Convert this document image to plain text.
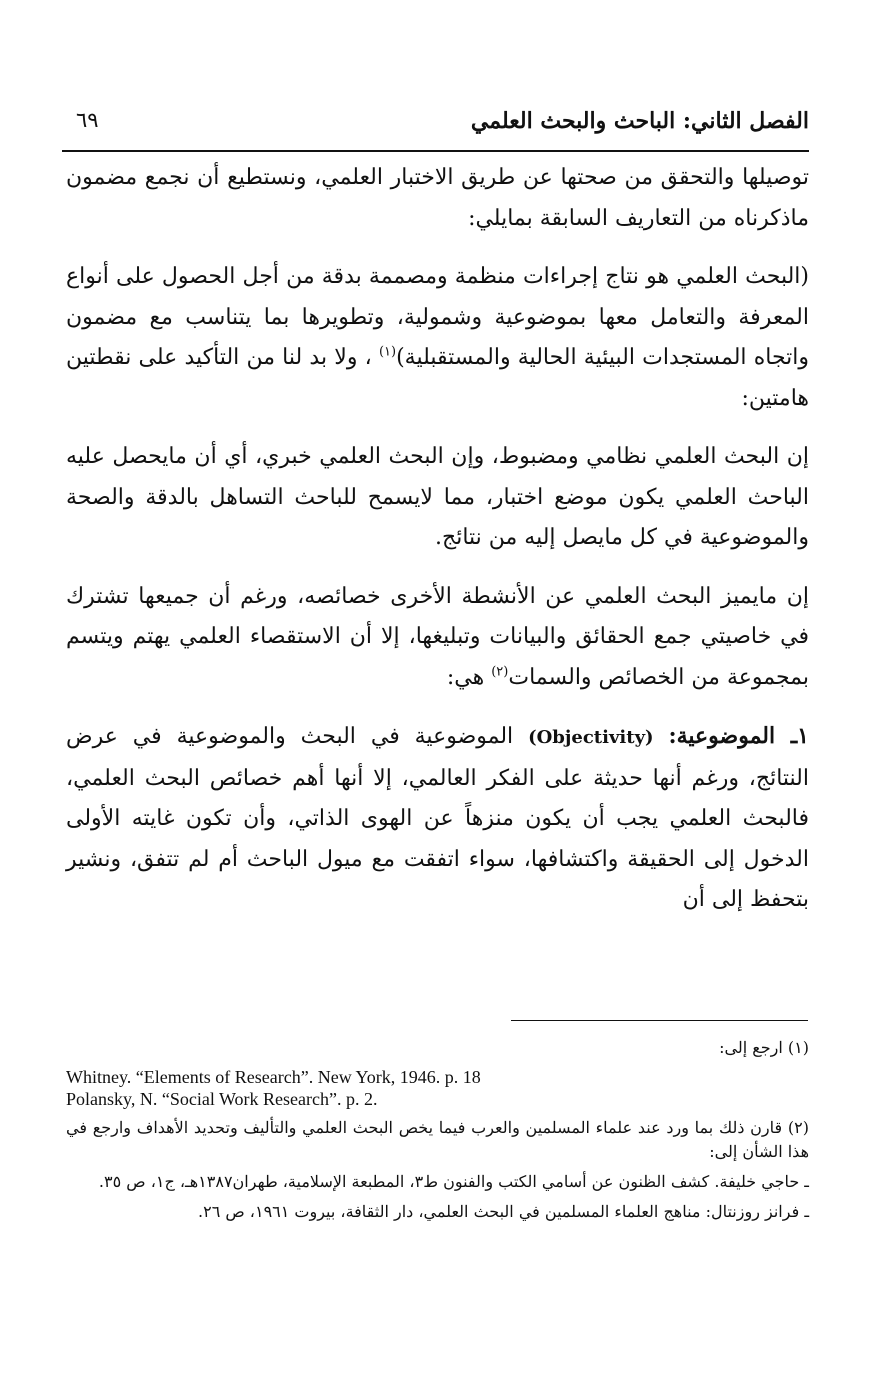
الفصل الثاني: الباحث والبحث العلمي
٦٩

توصيلها والتحقق من صحتها عن طريق الاختبار العلمي، ونستطيع أن نجمع مضمون ماذكرناه من التعاريف السابقة بمايلي:

(البحث العلمي هو نتاج إجراءات منظمة ومصممة بدقة من أجل الحصول على أنواع المعرفة والتعامل معها بموضوعية وشمولية، وتطويرها بما يتناسب مع مضمون واتجاه المستجدات البيئية الحالية والمستقبلية)$^{(١)}$ ، ولا بد لنا من التأكيد على نقطتين هامتين:

إن البحث العلمي نظامي ومضبوط، وإن البحث العلمي خبري، أي أن مايحصل عليه الباحث العلمي يكون موضع اختبار، مما لايسمح للباحث التساهل بالدقة والصحة والموضوعية في كل مايصل إليه من نتائج.

إن مايميز البحث العلمي عن الأنشطة الأخرى خصائصه، ورغم أن جميعها تشترك في خاصيتي جمع الحقائق والبيانات وتبليغها، إلا أن الاستقصاء العلمي يهتم ويتسم بمجموعة من الخصائص والسمات$^{(٢)}$ هي:

١ـ الموضوعية: (Objectivity) الموضوعية في البحث والموضوعية في عرض النتائج، ورغم أنها حديثة على الفكر العالمي، إلا أنها أهم خصائص البحث العلمي، فالبحث العلمي يجب أن يكون منزهاً عن الهوى الذاتي، وأن تكون غايته الأولى الدخول إلى الحقيقة واكتشافها، سواء اتفقت مع ميول الباحث أم لم تتفق، ونشير بتحفظ إلى أن

(١) ارجع إلى:

Whitney. “Elements of Research”. New York, 1946. p. 18

Polansky, N. “Social Work Research”. p. 2.

(٢) قارن ذلك بما ورد عند علماء المسلمين والعرب فيما يخص البحث العلمي والتأليف وتحديد الأهداف وارجع في هذا الشأن إلى:

ـ حاجي خليفة. كشف الظنون عن أسامي الكتب والفنون ط٣، المطبعة الإسلامية، طهران١٣٨٧هـ، ج١، ص ٣٥.

ـ فرانز روزنتال: مناهج العلماء المسلمين في البحث العلمي، دار الثقافة، بيروت ١٩٦١، ص ٢٦.
